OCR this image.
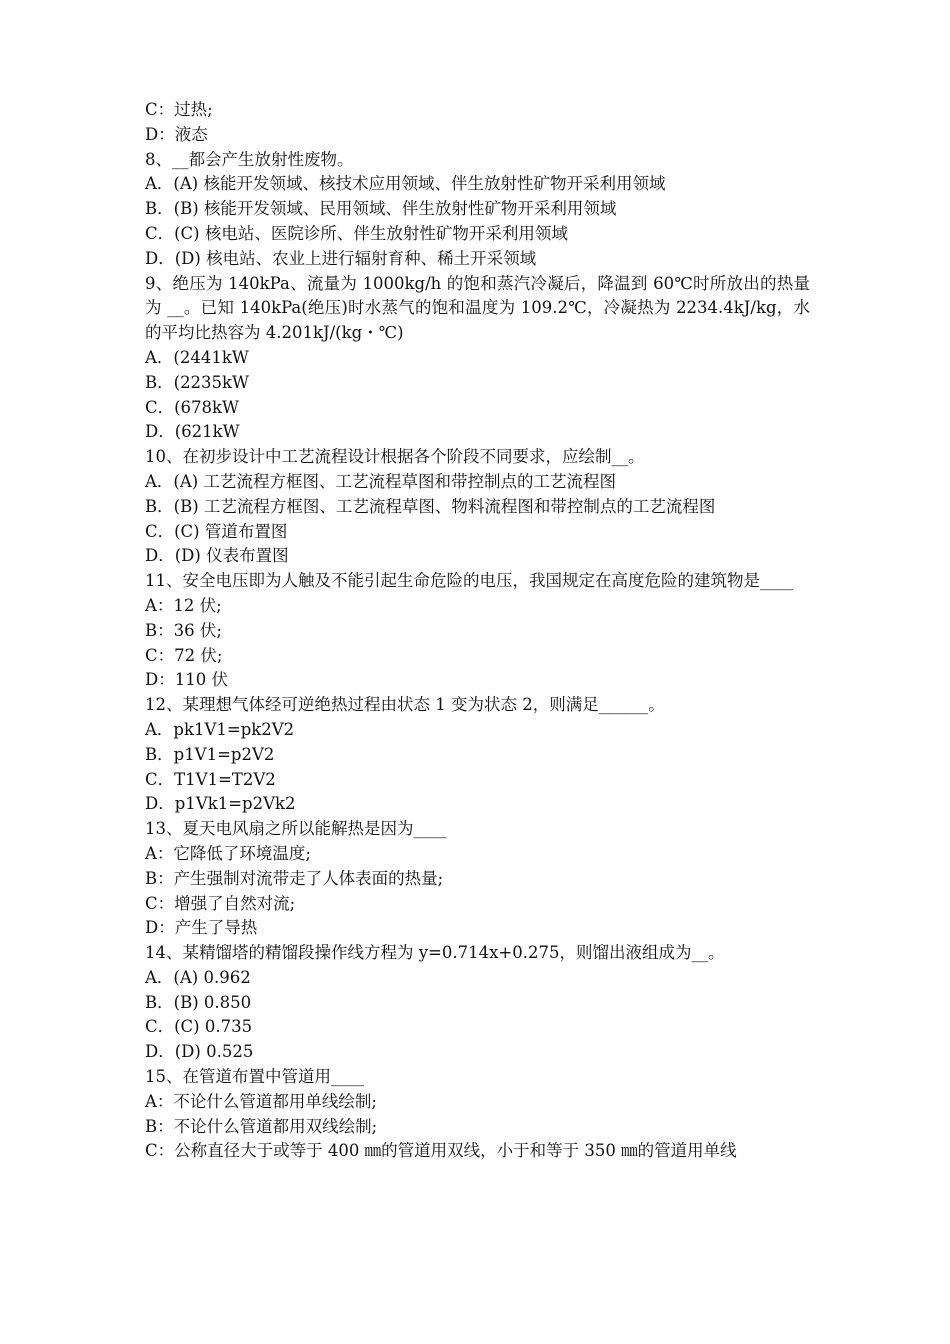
C：过热;

D：液态

8、__都会产生放射性废物。

A．(A) 核能开发领域、核技术应用领域、伴生放射性矿物开采利用领域

B．(B) 核能开发领域、民用领域、伴生放射性矿物开采利用领域

C．(C) 核电站、医院诊所、伴生放射性矿物开采利用领域

D．(D) 核电站、农业上进行辐射育种、稀土开采领域

9、绝压为 140kPa、流量为 1000kg/h 的饱和蒸汽冷凝后，降温到 60℃时所放出的热量为 __。已知 140kPa(绝压)时水蒸气的饱和温度为 109.2℃，冷凝热为 2234.4kJ/kg，水的平均比热容为 4.201kJ/(kg・℃)

A．(2441kW

B．(2235kW

C．(678kW

D．(621kW

10、在初步设计中工艺流程设计根据各个阶段不同要求，应绘制__。

A．(A) 工艺流程方框图、工艺流程草图和带控制点的工艺流程图

B．(B) 工艺流程方框图、工艺流程草图、物料流程图和带控制点的工艺流程图

C．(C) 管道布置图

D．(D) 仪表布置图

11、安全电压即为人触及不能引起生命危险的电压，我国规定在高度危险的建筑物是____

A：12 伏;

B：36 伏;

C：72 伏;

D：110 伏

12、某理想气体经可逆绝热过程由状态 1 变为状态 2，则满足______。

A．pk1V1=pk2V2

B．p1V1=p2V2

C．T1V1=T2V2

D．p1Vk1=p2Vk2

13、夏天电风扇之所以能解热是因为____

A：它降低了环境温度;

B：产生强制对流带走了人体表面的热量;

C：增强了自然对流;

D：产生了导热

14、某精馏塔的精馏段操作线方程为 y=0.714x+0.275，则馏出液组成为__。

A．(A) 0.962

B．(B) 0.850

C．(C) 0.735

D．(D) 0.525

15、在管道布置中管道用____

A：不论什么管道都用单线绘制;

B：不论什么管道都用双线绘制;

C：公称直径大于或等于 400 ㎜的管道用双线，小于和等于 350 ㎜的管道用单线
